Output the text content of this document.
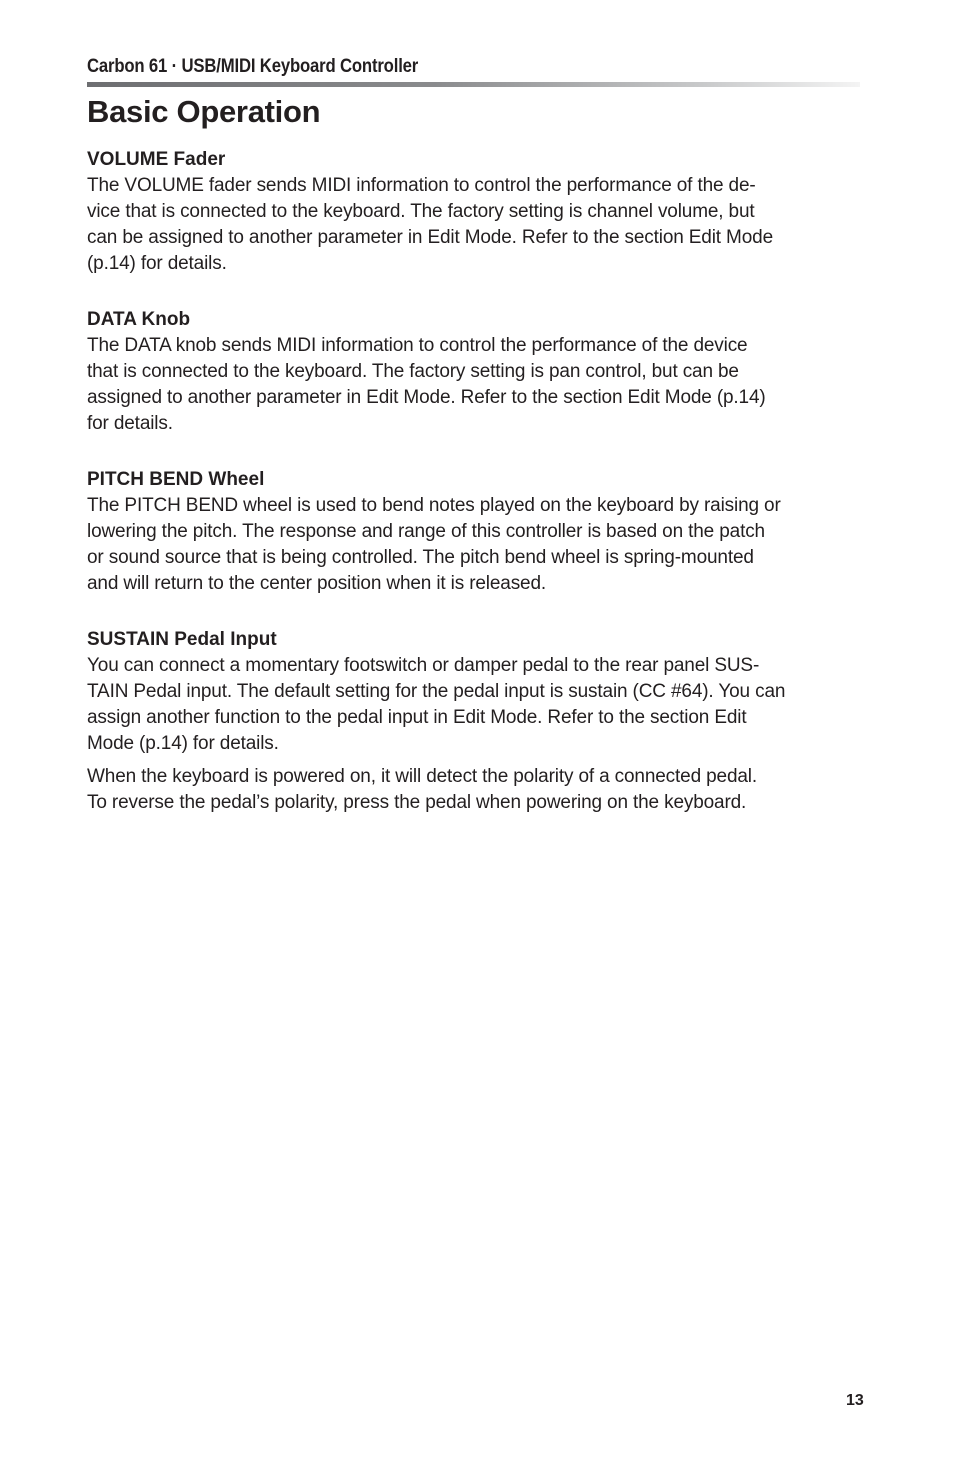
Carbon 61 · USB/MIDI Keyboard Controller
Basic Operation
VOLUME Fader

The VOLUME fader sends MIDI information to control the performance of the de-
vice that is connected to the keyboard. The factory setting is channel volume, but
can be assigned to another parameter in Edit Mode. Refer to the section Edit Mode
(p.14) for details.

DATA Knob

The DATA knob sends MIDI information to control the performance of the device
that is connected to the keyboard. The factory setting is pan control, but can be
assigned to another parameter in Edit Mode. Refer to the section Edit Mode (p.14)
for details.

PITCH BEND Wheel

The PITCH BEND wheel is used to bend notes played on the keyboard by raising or
lowering the pitch. The response and range of this controller is based on the patch
or sound source that is being controlled. The pitch bend wheel is spring-mounted
and will return to the center position when it is released.

SUSTAIN Pedal Input

You can connect a momentary footswitch or damper pedal to the rear panel SUS-
TAIN Pedal input. The default setting for the pedal input is sustain (CC #64). You can
assign another function to the pedal input in Edit Mode. Refer to the section Edit
Mode (p.14) for details.

When the keyboard is powered on, it will detect the polarity of a connected pedal.
To reverse the pedal’s polarity, press the pedal when powering on the keyboard.

13
